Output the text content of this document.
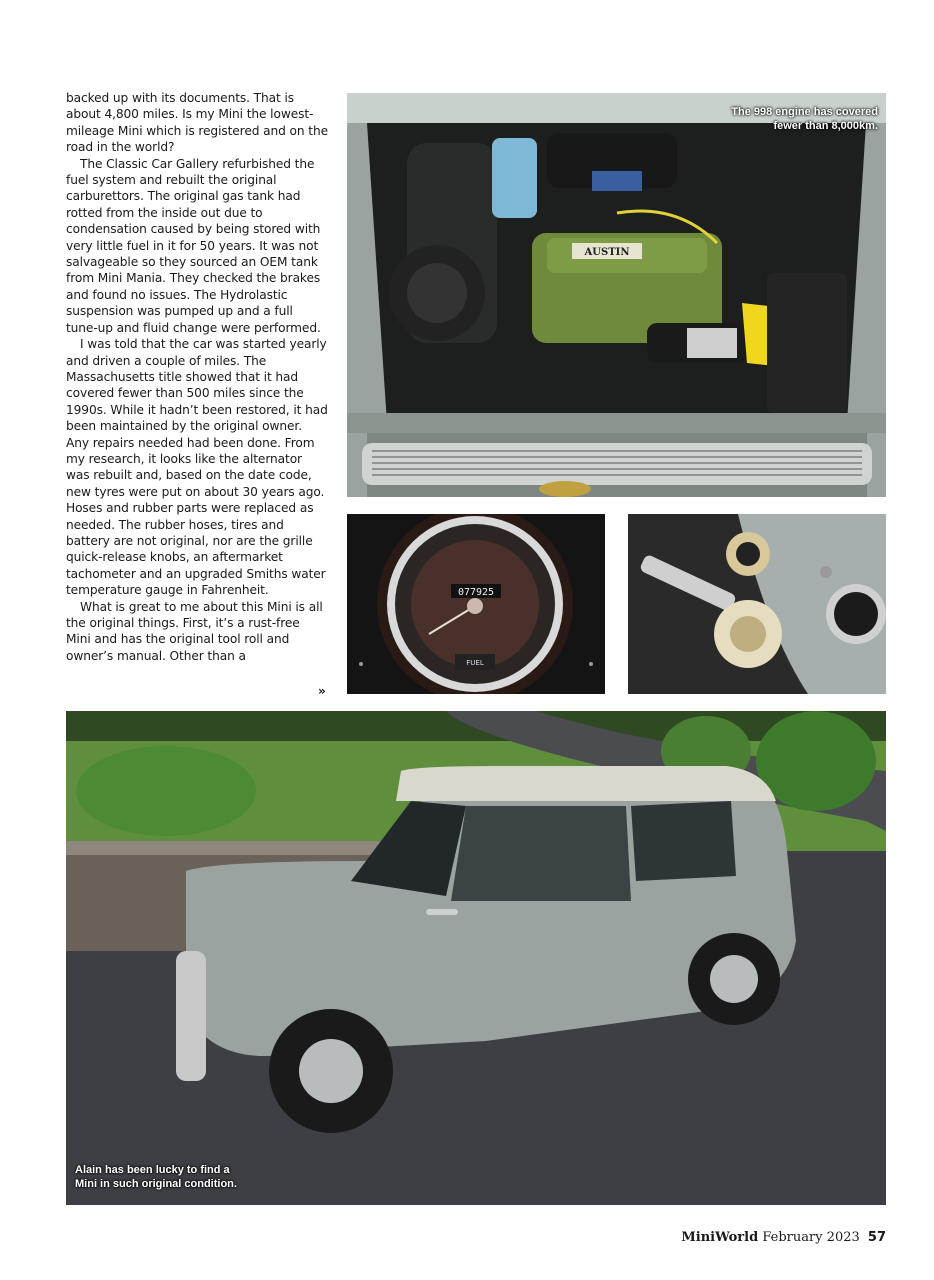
backed up with its documents. That is about 4,800 miles. Is my Mini the lowest-mileage Mini which is registered and on the road in the world?

The Classic Car Gallery refurbished the fuel system and rebuilt the original carburettors. The original gas tank had rotted from the inside out due to condensation caused by being stored with very little fuel in it for 50 years. It was not salvageable so they sourced an OEM tank from Mini Mania. They checked the brakes and found no issues. The Hydrolastic suspension was pumped up and a full tune-up and fluid change were performed.

I was told that the car was started yearly and driven a couple of miles. The Massachusetts title showed that it had covered fewer than 500 miles since the 1990s. While it hadn’t been restored, it had been maintained by the original owner. Any repairs needed had been done. From my research, it looks like the alternator was rebuilt and, based on the date code, new tyres were put on about 30 years ago. Hoses and rubber parts were replaced as needed. The rubber hoses, tires and battery are not original, nor are the grille quick-release knobs, an aftermarket tachometer and an upgraded Smiths water temperature gauge in Fahrenheit.

What is great to me about this Mini is all the original things. First, it’s a rust-free Mini and has the original tool roll and owner’s manual. Other than a

»
AUSTIN
The 998 engine has covered
fewer than 8,000km.
077925
FUEL
Alain has been lucky to find a
Mini in such original condition.
MiniWorld February 2023 57
